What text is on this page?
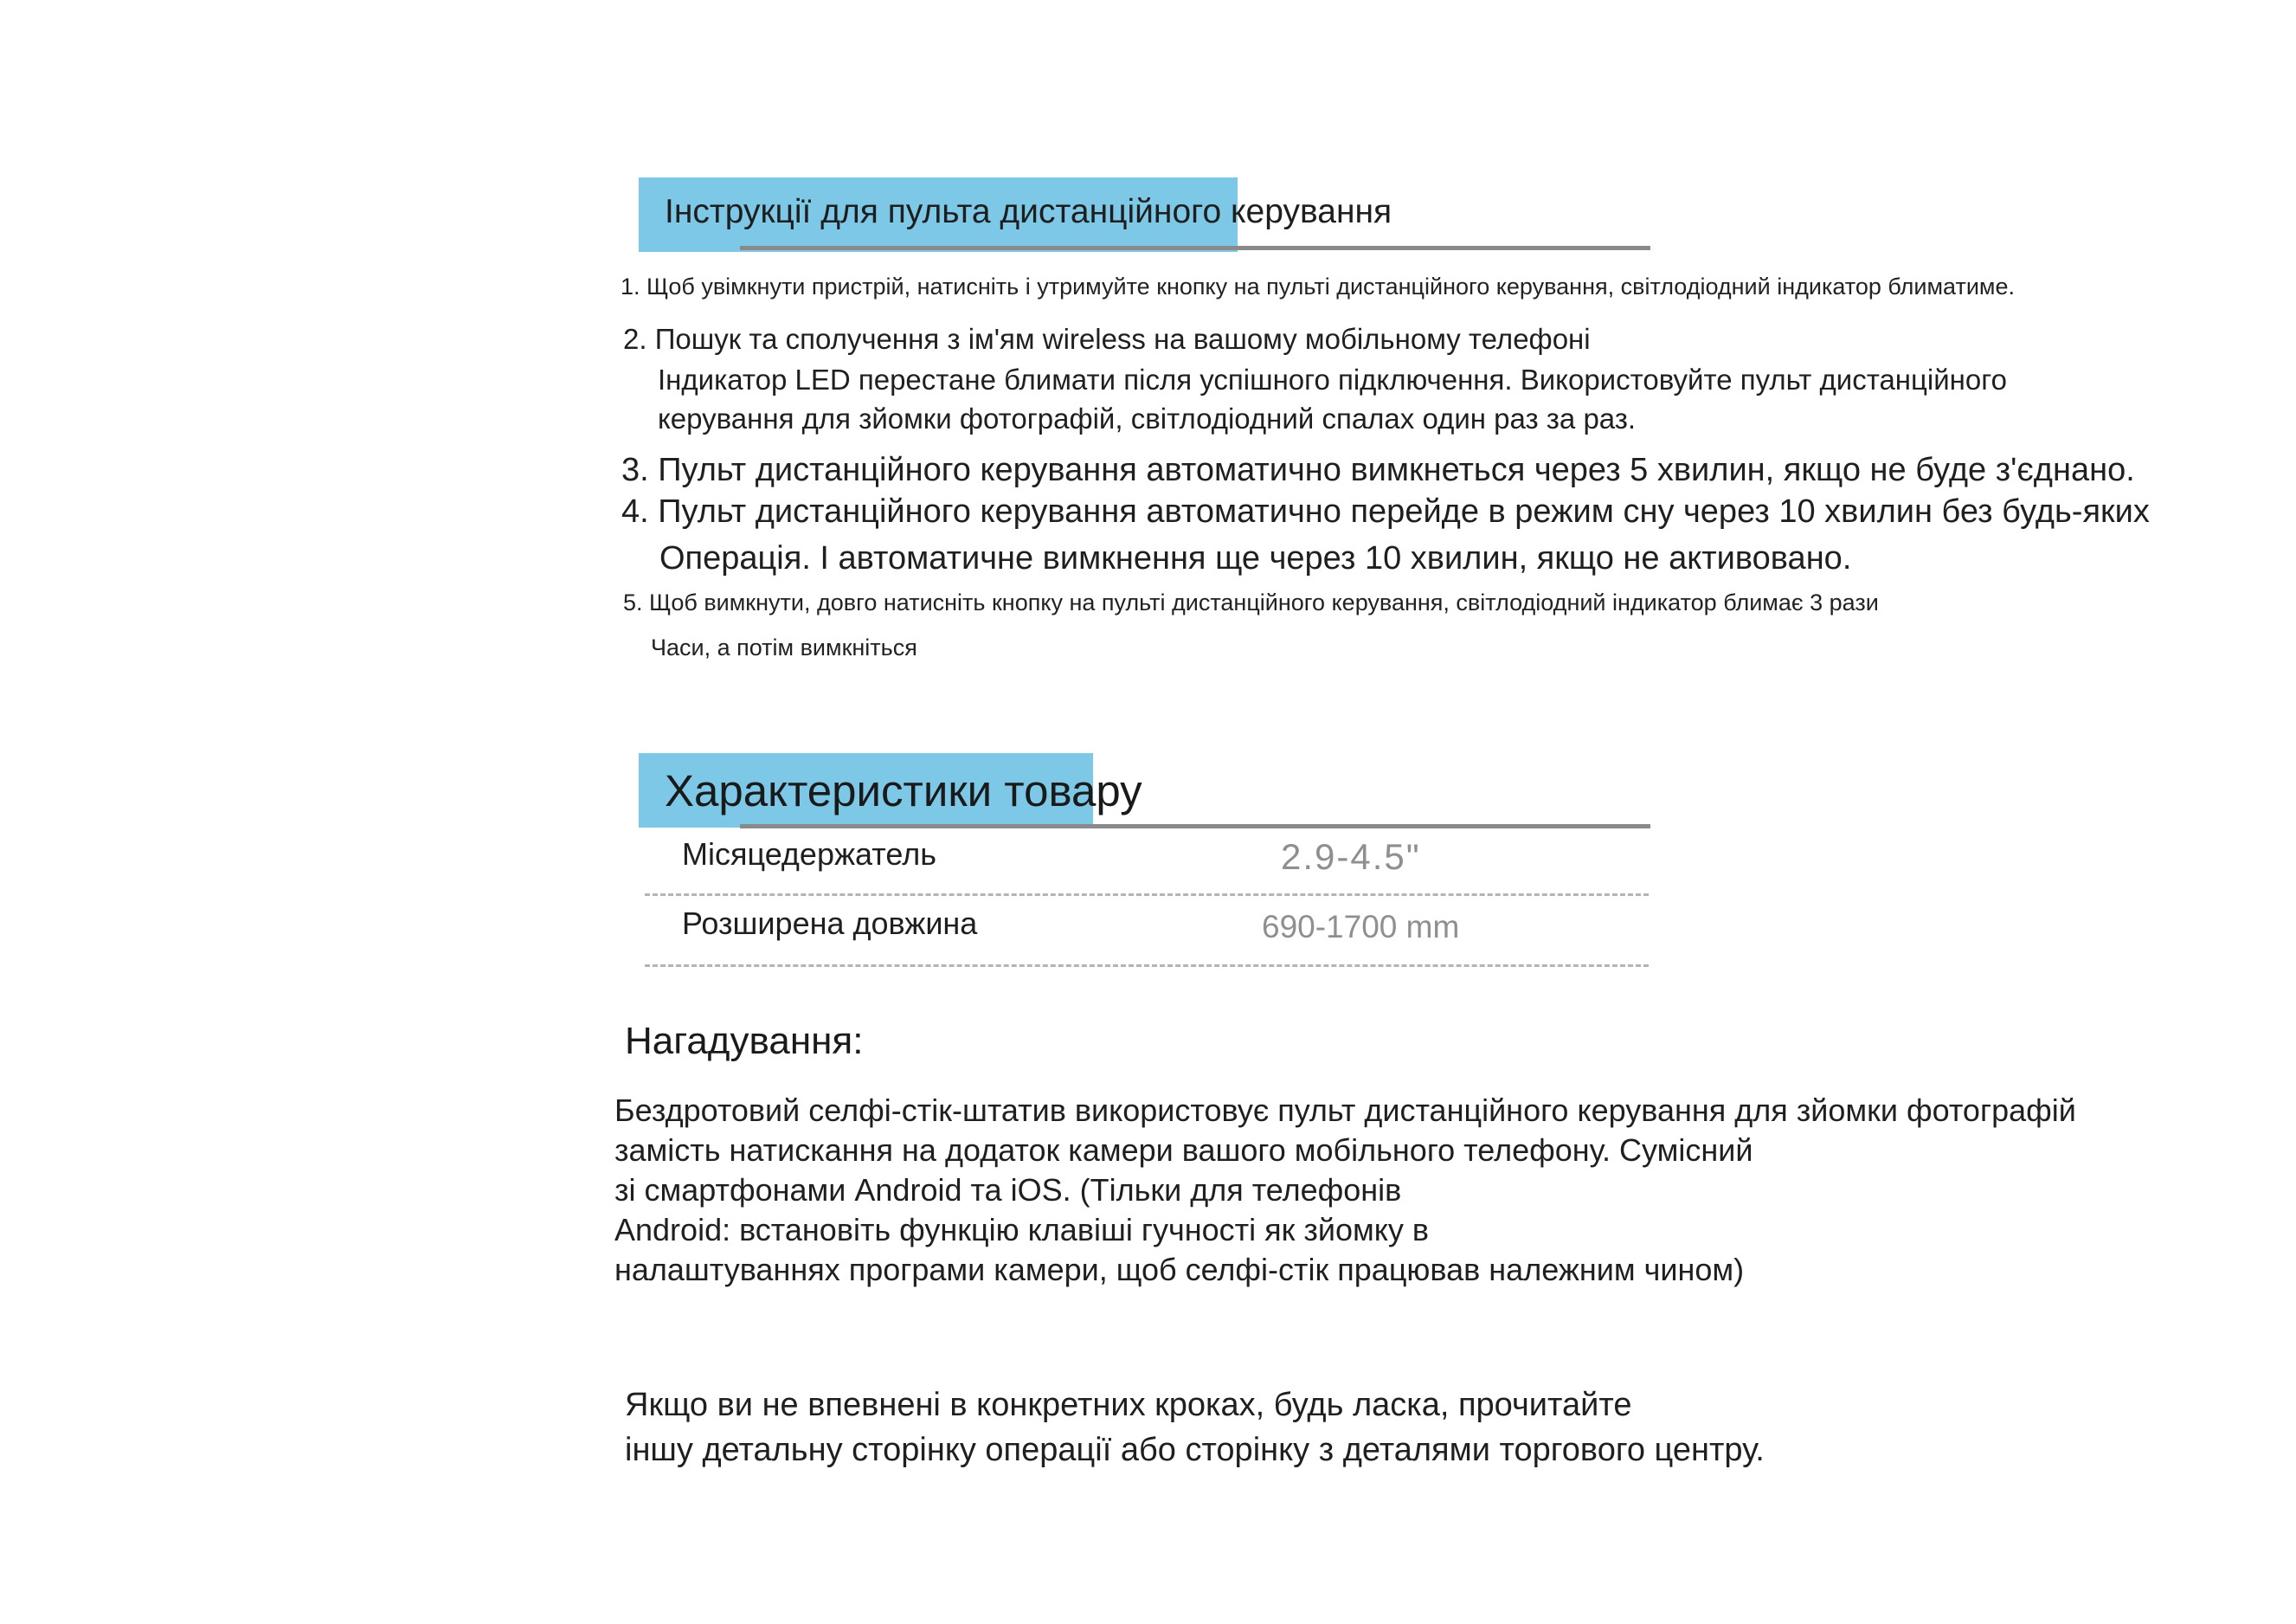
Інструкції для пульта дистанційного керування
1. Щоб увімкнути пристрій, натисніть і утримуйте кнопку на пульті дистанційного керування, світлодіодний індикатор блиматиме.
2. Пошук та сполучення з ім'ям wireless на вашому мобільному телефоні
Індикатор LED перестане блимати після успішного підключення. Використовуйте пульт дистанційного
керування для зйомки фотографій, світлодіодний спалах один раз за раз.
3. Пульт дистанційного керування автоматично вимкнеться через 5 хвилин, якщо не буде з'єднано.
4. Пульт дистанційного керування автоматично перейде в режим сну через 10 хвилин без будь-яких
Операція. І автоматичне вимкнення ще через 10 хвилин, якщо не активовано.
5. Щоб вимкнути, довго натисніть кнопку на пульті дистанційного керування, світлодіодний індикатор блимає 3 рази
Часи, а потім вимкніться
Характеристики товару
Місяцедержатель	2.9-4.5"
Розширена довжина	690-1700 mm
Нагадування:
Бездротовий селфі-стік-штатив використовує пульт дистанційного керування для зйомки фотографій
замість натискання на додаток камери вашого мобільного телефону. Сумісний
зі смартфонами Android та iOS. (Тільки для телефонів
Android: встановіть функцію клавіші гучності як зйомку в
налаштуваннях програми камери, щоб селфі-стік працював належним чином)
Якщо ви не впевнені в конкретних кроках, будь ласка, прочитайте
іншу детальну сторінку операції або сторінку з деталями торгового центру.
